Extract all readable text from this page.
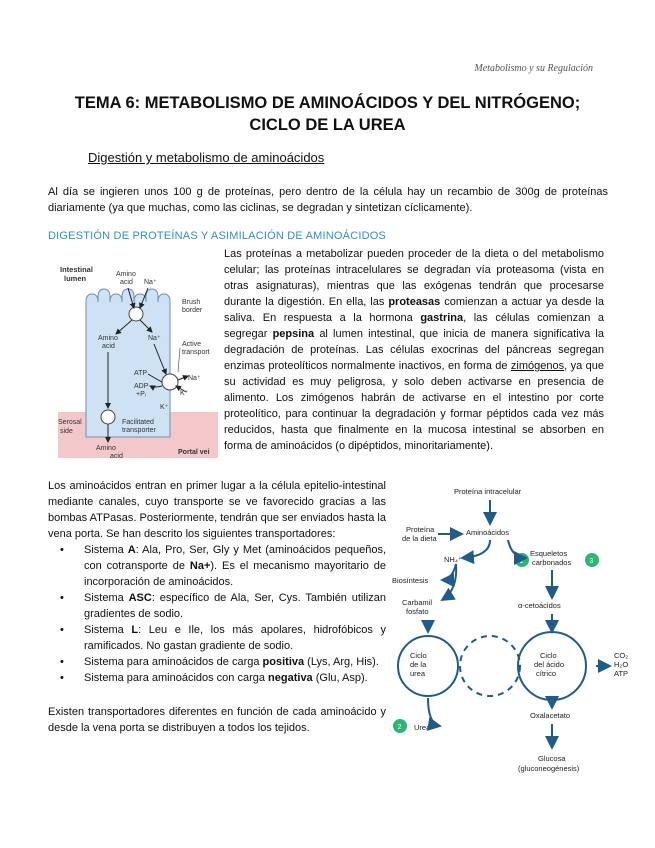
Metabolismo y su Regulación
TEMA 6: METABOLISMO DE AMINOÁCIDOS Y DEL NITRÓGENO;
CICLO DE LA UREA
Digestión y metabolismo de aminoácidos
Al día se ingieren unos 100 g de proteínas, pero dentro de la célula hay un recambio de 300g de proteínas diariamente (ya que muchas, como las ciclinas, se degradan y sintetizan cíclicamente).
DIGESTIÓN DE PROTEÍNAS Y ASIMILACIÓN DE AMINOÁCIDOS
Intestinal
lumen	Amino
acid Na⁺
Brush
border
Amino
acid
Na⁺
Active
transport
ATP
ADP
+Pᵢ
Na⁺
K⁺
K⁺
Serosal
side
Facilitated
transporter
Amino
acid
Portal vei
Las proteínas a metabolizar pueden proceder de la dieta o del metabolismo celular; las proteínas intracelulares se degradan vía proteasoma (vista en otras asignaturas), mientras que las exógenas tendrán que procesarse durante la digestión. En ella, las proteasas comienzan a actuar ya desde la saliva. En respuesta a la hormona gastrina, las células comienzan a segregar pepsina al lumen intestinal, que inicia de manera significativa la degradación de proteínas. Las células exocrinas del páncreas segregan enzimas proteolíticos normalmente inactivos, en forma de zimógenos, ya que su actividad es muy peligrosa, y solo deben activarse en presencia de alimento. Los zimógenos habrán de activarse en el intestino por corte proteolítico, para continuar la degradación y formar péptidos cada vez más reducidos, hasta que finalmente en la mucosa intestinal se absorben en forma de aminoácidos (o dipéptidos, minoritariamente).
Los aminoácidos entran en primer lugar a la célula epitelio-intestinal mediante canales, cuyo transporte se ve favorecido gracias a las bombas ATPasas. Posteriormente, tendrán que ser enviados hasta la vena porta. Se han descrito los siguientes transportadores:
• Sistema A: Ala, Pro, Ser, Gly y Met (aminoácidos pequeños, con cotransporte de Na+). Es el mecanismo mayoritario de incorporación de aminoácidos.
• Sistema ASC: específico de Ala, Ser, Cys. También utilizan gradientes de sodio.
• Sistema L: Leu e Ile, los más apolares, hidrofóbicos y ramificados. No gastan gradiente de sodio.
• Sistema para aminoácidos de carga positiva (Lys, Arg, His).
• Sistema para aminoácidos con carga negativa (Glu, Asp).
Existen transportadores diferentes en función de cada aminoácido y desde la vena porta se distribuyen a todos los tejidos.
Proteína intracelular
Proteína
de la dieta
Aminoácidos
NH₄⁺
Esqueletos
carbonados
Biosíntesis
Carbamil
fosfato
α-cetoácidos
Ciclo
de la
urea
Ciclo
del ácido
cítrico
CO₂
H₂O
ATP
Urea
Oxalacetato
Glucosa
(gluconeogénesis)
1	3
2
